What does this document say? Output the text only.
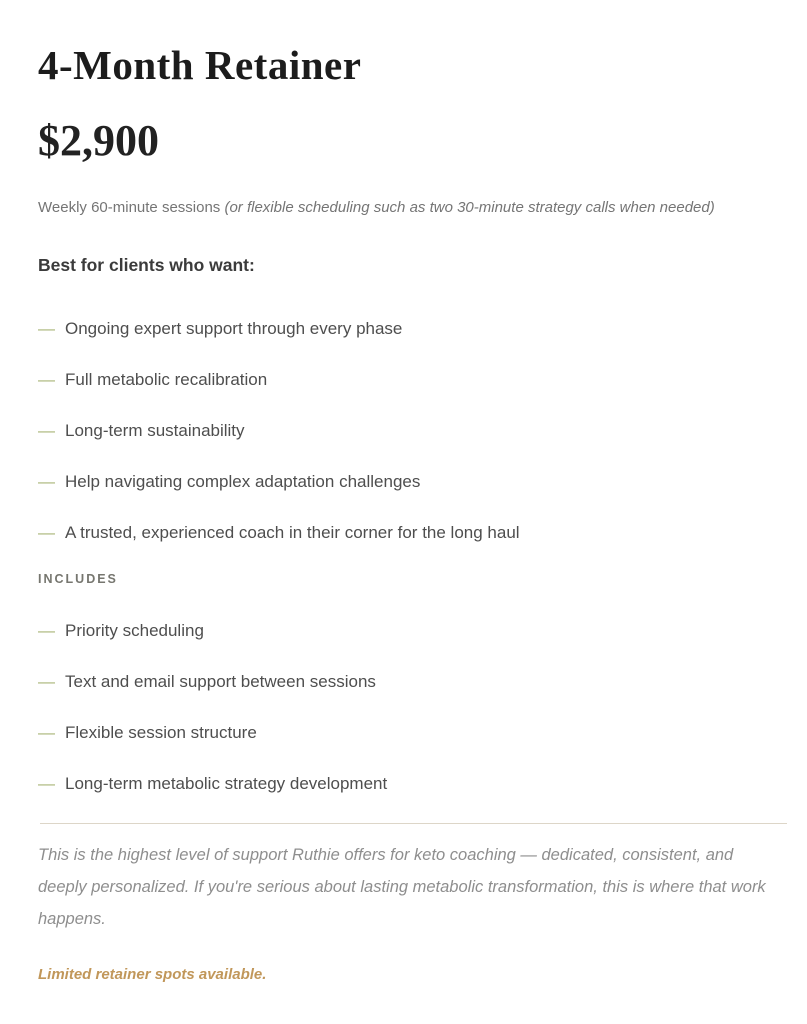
4-Month Retainer
$2,900

Weekly 60-minute sessions (or flexible scheduling such as two 30-minute strategy calls when needed)

Best for clients who want:

— Ongoing expert support through every phase
— Full metabolic recalibration
— Long-term sustainability
— Help navigating complex adaptation challenges
— A trusted, experienced coach in their corner for the long haul

INCLUDES

— Priority scheduling
— Text and email support between sessions
— Flexible session structure
— Long-term metabolic strategy development

This is the highest level of support Ruthie offers for keto coaching — dedicated, consistent, and deeply personalized. If you're serious about lasting metabolic transformation, this is where that work happens.

Limited retainer spots available.
